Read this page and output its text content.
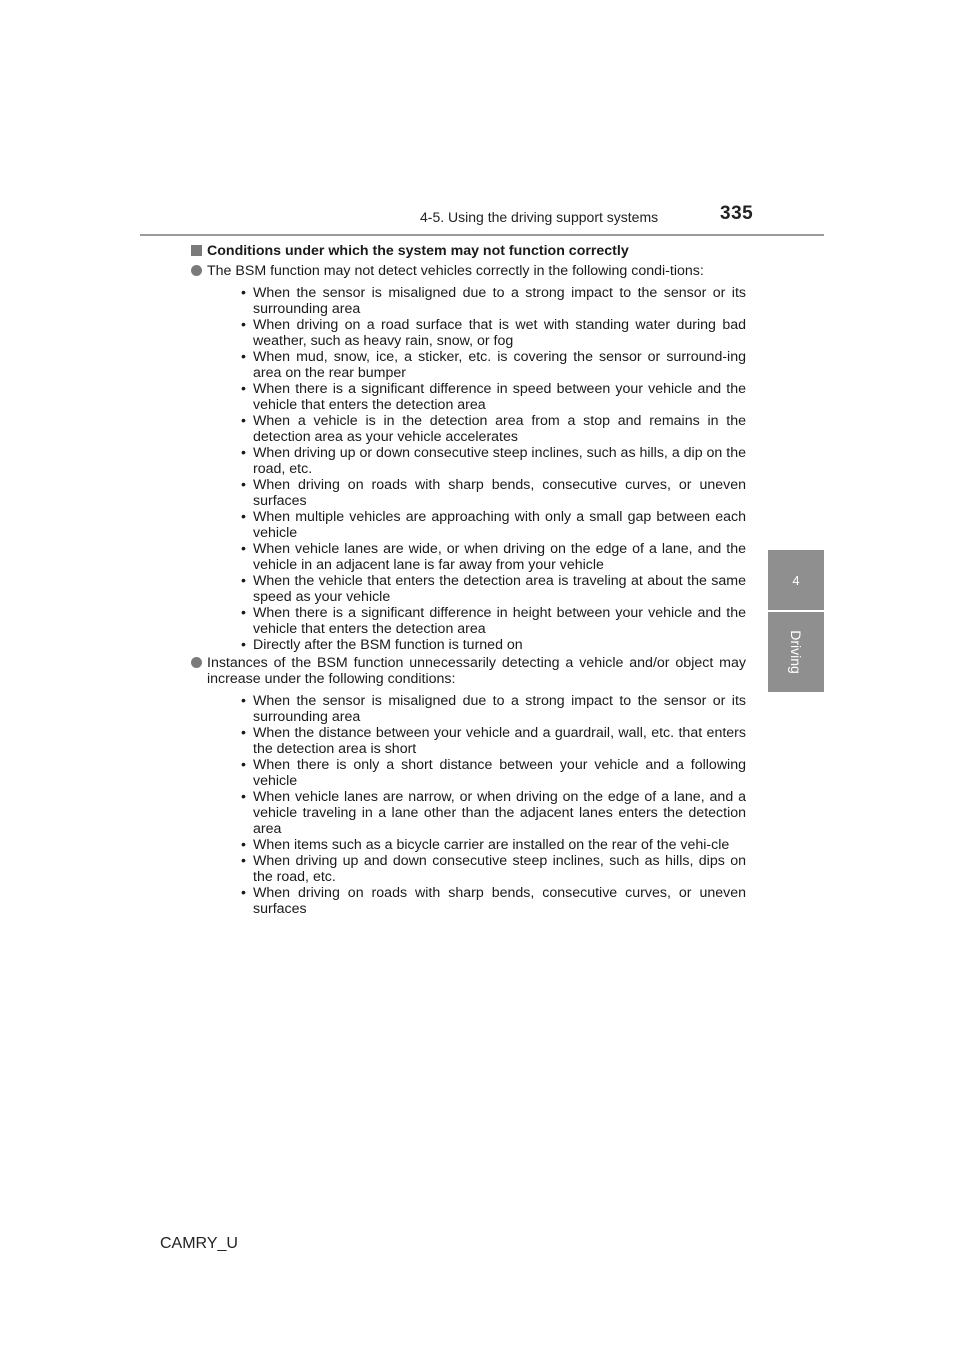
4-5. Using the driving support systems	335
4
Driving
Conditions under which the system may not function correctly
The BSM function may not detect vehicles correctly in the following condi-tions:
• When the sensor is misaligned due to a strong impact to the sensor or its surrounding area
• When driving on a road surface that is wet with standing water during bad weather, such as heavy rain, snow, or fog
• When mud, snow, ice, a sticker, etc. is covering the sensor or surround-ing area on the rear bumper
• When there is a significant difference in speed between your vehicle and the vehicle that enters the detection area
• When a vehicle is in the detection area from a stop and remains in the detection area as your vehicle accelerates
• When driving up or down consecutive steep inclines, such as hills, a dip on the road, etc.
• When driving on roads with sharp bends, consecutive curves, or uneven surfaces
• When multiple vehicles are approaching with only a small gap between each vehicle
• When vehicle lanes are wide, or when driving on the edge of a lane, and the vehicle in an adjacent lane is far away from your vehicle
• When the vehicle that enters the detection area is traveling at about the same speed as your vehicle
• When there is a significant difference in height between your vehicle and the vehicle that enters the detection area
• Directly after the BSM function is turned on
Instances of the BSM function unnecessarily detecting a vehicle and/or object may increase under the following conditions:
• When the sensor is misaligned due to a strong impact to the sensor or its surrounding area
• When the distance between your vehicle and a guardrail, wall, etc. that enters the detection area is short
• When there is only a short distance between your vehicle and a following vehicle
• When vehicle lanes are narrow, or when driving on the edge of a lane, and a vehicle traveling in a lane other than the adjacent lanes enters the detection area
• When items such as a bicycle carrier are installed on the rear of the vehi-cle
• When driving up and down consecutive steep inclines, such as hills, dips on the road, etc.
• When driving on roads with sharp bends, consecutive curves, or uneven surfaces
CAMRY_U
